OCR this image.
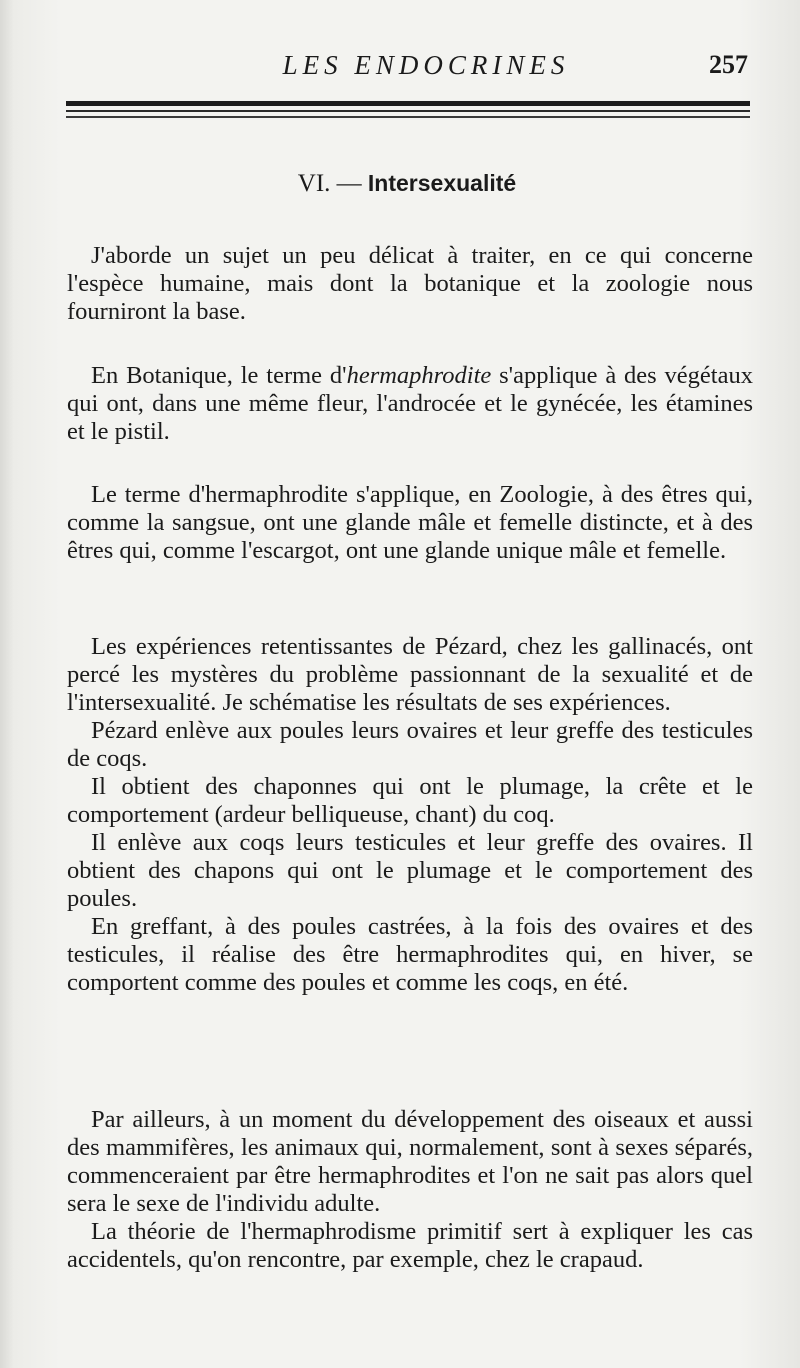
LES ENDOCRINES	257
VI. — Intersexualité

J'aborde un sujet un peu délicat à traiter, en ce qui concerne l'espèce humaine, mais dont la botanique et la zoologie nous fourniront la base.

En Botanique, le terme d'hermaphrodite s'applique à des végétaux qui ont, dans une même fleur, l'androcée et le gynécée, les étamines et le pistil.

Le terme d'hermaphrodite s'applique, en Zoologie, à des êtres qui, comme la sangsue, ont une glande mâle et femelle distincte, et à des êtres qui, comme l'escargot, ont une glande unique mâle et femelle.

Les expériences retentissantes de Pézard, chez les gallinacés, ont percé les mystères du problème passionnant de la sexualité et de l'intersexualité. Je schématise les résultats de ses expériences.

Pézard enlève aux poules leurs ovaires et leur greffe des testicules de coqs.

Il obtient des chaponnes qui ont le plumage, la crête et le comportement (ardeur belliqueuse, chant) du coq.

Il enlève aux coqs leurs testicules et leur greffe des ovaires. Il obtient des chapons qui ont le plumage et le comportement des poules.

En greffant, à des poules castrées, à la fois des ovaires et des testicules, il réalise des être hermaphrodites qui, en hiver, se comportent comme des poules et comme les coqs, en été.

Par ailleurs, à un moment du développement des oiseaux et aussi des mammifères, les animaux qui, normalement, sont à sexes séparés, commenceraient par être hermaphrodites et l'on ne sait pas alors quel sera le sexe de l'individu adulte.

La théorie de l'hermaphrodisme primitif sert à expliquer les cas accidentels, qu'on rencontre, par exemple, chez le crapaud.
